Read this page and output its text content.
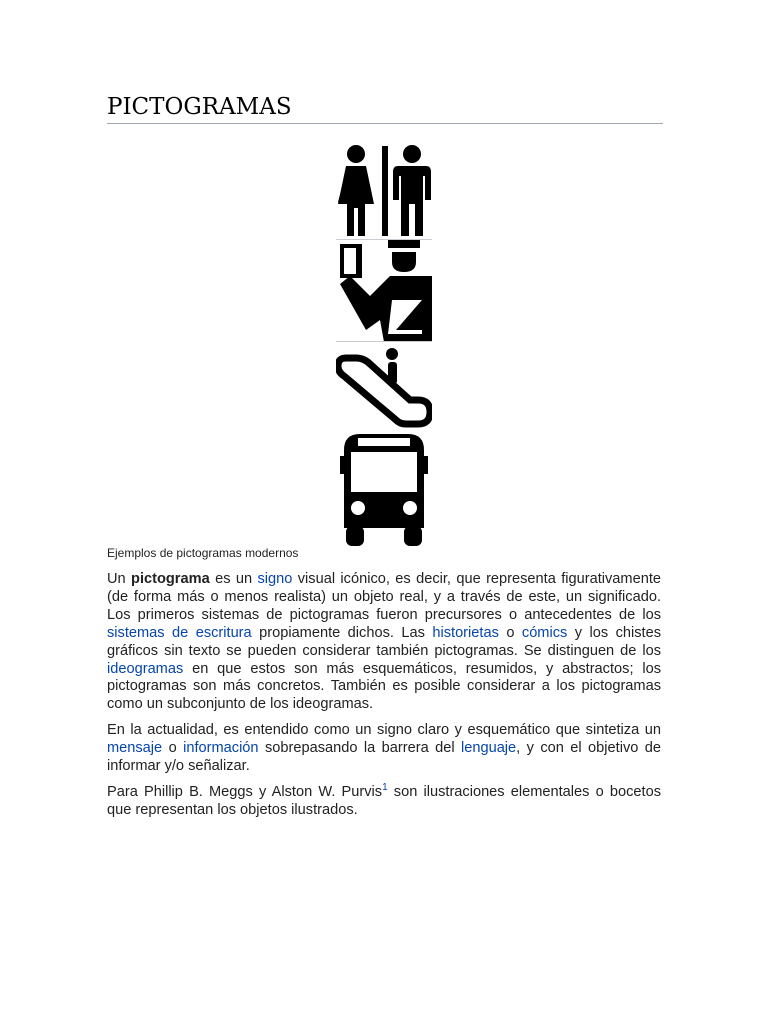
PICTOGRAMAS

Ejemplos de pictogramas modernos

Un pictograma es un signo visual icónico, es decir, que representa figurativamente (de forma más o menos realista) un objeto real, y a través de este, un significado. Los primeros sistemas de pictogramas fueron precursores o antecedentes de los sistemas de escritura propiamente dichos. Las historietas o cómics y los chistes gráficos sin texto se pueden considerar también pictogramas. Se distinguen de los ideogramas en que estos son más esquemáticos, resumidos, y abstractos; los pictogramas son más concretos. También es posible considerar a los pictogramas como un subconjunto de los ideogramas.

En la actualidad, es entendido como un signo claro y esquemático que sintetiza un mensaje o información sobrepasando la barrera del lenguaje, y con el objetivo de informar y/o señalizar.

Para Phillip B. Meggs y Alston W. Purvis$^1$ son ilustraciones elementales o bocetos que representan los objetos ilustrados.
